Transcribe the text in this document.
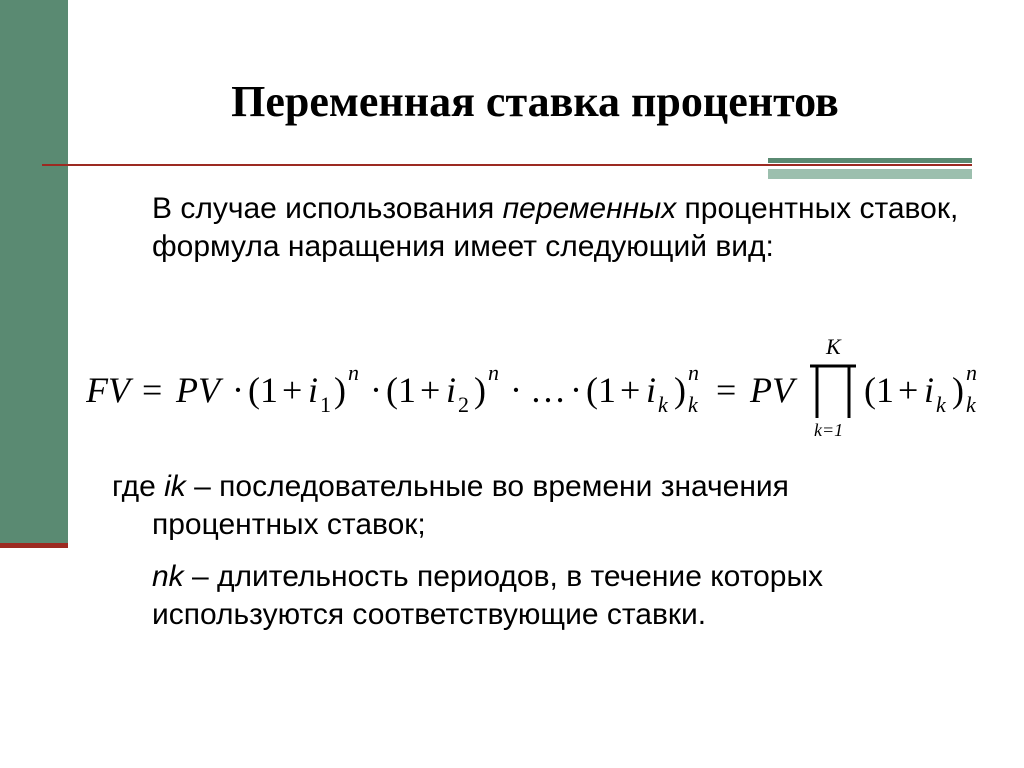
Переменная ставка процентов

В случае использования переменных процентных ставок, формула наращения имеет следующий вид:

FV = PV · (1 + i 1 ) n · (1 + i 2 ) n · … · (1 + i k ) n
k = PV
K
k=1
(1 + i k ) n
k

где ik – последовательные во времени значения
процентных ставок;

nk – длительность периодов, в течение которых используются соответствующие ставки.
